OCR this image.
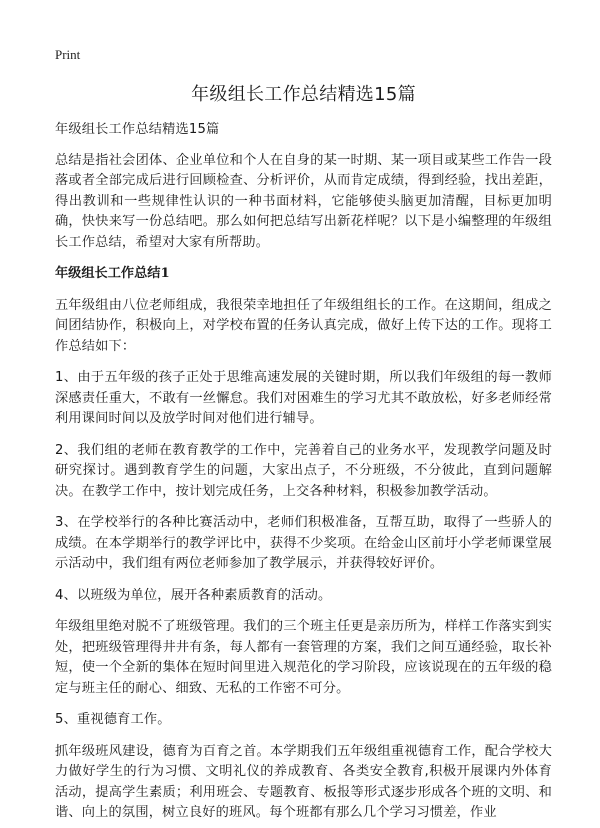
Print
年级组长工作总结精选15篇

年级组长工作总结精选15篇

总结是指社会团体、企业单位和个人在自身的某一时期、某一项目或某些工作告一段落或者全部完成后进行回顾检查、分析评价，从而肯定成绩，得到经验，找出差距，得出教训和一些规律性认识的一种书面材料，它能够使头脑更加清醒，目标更加明确，快快来写一份总结吧。那么如何把总结写出新花样呢？以下是小编整理的年级组长工作总结，希望对大家有所帮助。

年级组长工作总结1

五年级组由八位老师组成，我很荣幸地担任了年级组组长的工作。在这期间，组成之间团结协作，积极向上，对学校布置的任务认真完成，做好上传下达的工作。现将工作总结如下：

1、由于五年级的孩子正处于思维高速发展的关键时期，所以我们年级组的每一教师深感责任重大，不敢有一丝懈怠。我们对困难生的学习尤其不敢放松，好多老师经常利用课间时间以及放学时间对他们进行辅导。

2、我们组的老师在教育教学的工作中，完善着自己的业务水平，发现教学问题及时研究探讨。遇到教育学生的问题，大家出点子，不分班级，不分彼此，直到问题解决。在教学工作中，按计划完成任务，上交各种材料，积极参加教学活动。

3、在学校举行的各种比赛活动中，老师们积极准备，互帮互助，取得了一些骄人的成绩。在本学期举行的教学评比中，获得不少奖项。在给金山区前圩小学老师课堂展示活动中，我们组有两位老师参加了教学展示，并获得较好评价。

4、以班级为单位，展开各种素质教育的活动。

年级组里绝对脱不了班级管理。我们的三个班主任更是亲历所为，样样工作落实到实处，把班级管理得井井有条，每人都有一套管理的方案，我们之间互通经验，取长补短，使一个全新的集体在短时间里进入规范化的学习阶段，应该说现在的五年级的稳定与班主任的耐心、细致、无私的工作密不可分。

5、重视德育工作。

抓年级班风建设，德育为百育之首。本学期我们五年级组重视德育工作，配合学校大力做好学生的行为习惯、文明礼仪的养成教育、各类安全教育,积极开展课内外体育活动，提高学生素质；利用班会、专题教育、板报等形式逐步形成各个班的文明、和谐、向上的氛围，树立良好的班风。每个班都有那么几个学习习惯差，作业
